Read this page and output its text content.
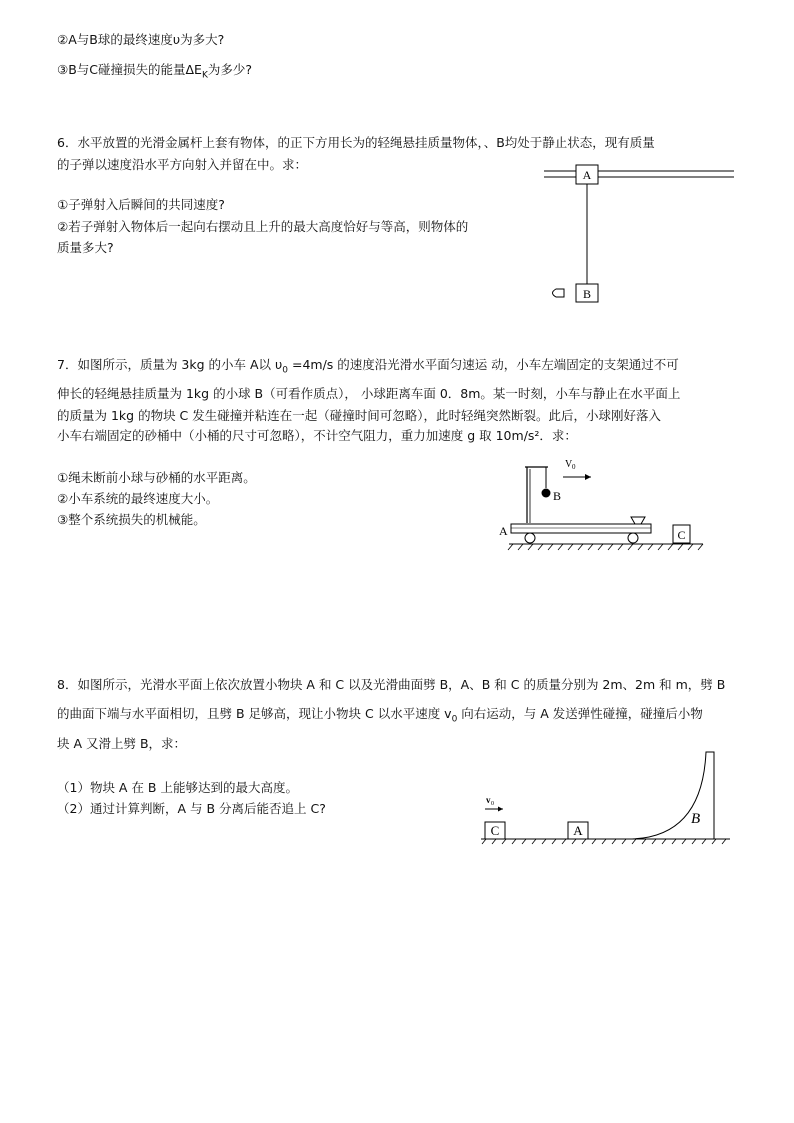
②A与B球的最终速度υ为多大?
③B与C碰撞损失的能量$\Delta E_K$为多少?
6．水平放置的光滑金属杆上套有物体，的正下方用长为的轻绳悬挂质量物体，、B均处于静止状态，现有质量
的子弹以速度沿水平方向射入并留在中。求：
①子弹射入后瞬间的共同速度?
②若子弹射入物体后一起向右摆动且上升的最大高度恰好与等高，则物体的
质量多大?
A
B
7．如图所示，质量为 3kg 的小车 A以 $\upsilon_0 =4m/s$ 的速度沿光滑水平面匀速运 动，小车左端固定的支架通过不可
伸长的轻绳悬挂质量为 1kg 的小球 B（可看作质点）， 小球距离车面 0．8m。某一时刻，小车与静止在水平面上
的质量为 1kg 的物块 C 发生碰撞并粘连在一起（碰撞时间可忽略），此时轻绳突然断裂。此后，小球刚好落入
小车右端固定的砂桶中（小桶的尺寸可忽略），不计空气阻力，重力加速度 g 取 10m/s²．求：
①绳未断前小球与砂桶的水平距离。
②小车系统的最终速度大小。
③整个系统损失的机械能。
V 0
B
A	C
8．如图所示，光滑水平面上依次放置小物块 A 和 C 以及光滑曲面劈 B，A、B 和 C 的质量分别为 2m、2m 和 m，劈 B
的曲面下端与水平面相切，且劈 B 足够高，现让小物块 C 以水平速度 $v_0$ 向右运动，与 A 发送弹性碰撞，碰撞后小物
块 A 又滑上劈 B，求：
（1）物块 A 在 B 上能够达到的最大高度。
（2）通过计算判断，A 与 B 分离后能否追上 C?
v 0
C	A
B
